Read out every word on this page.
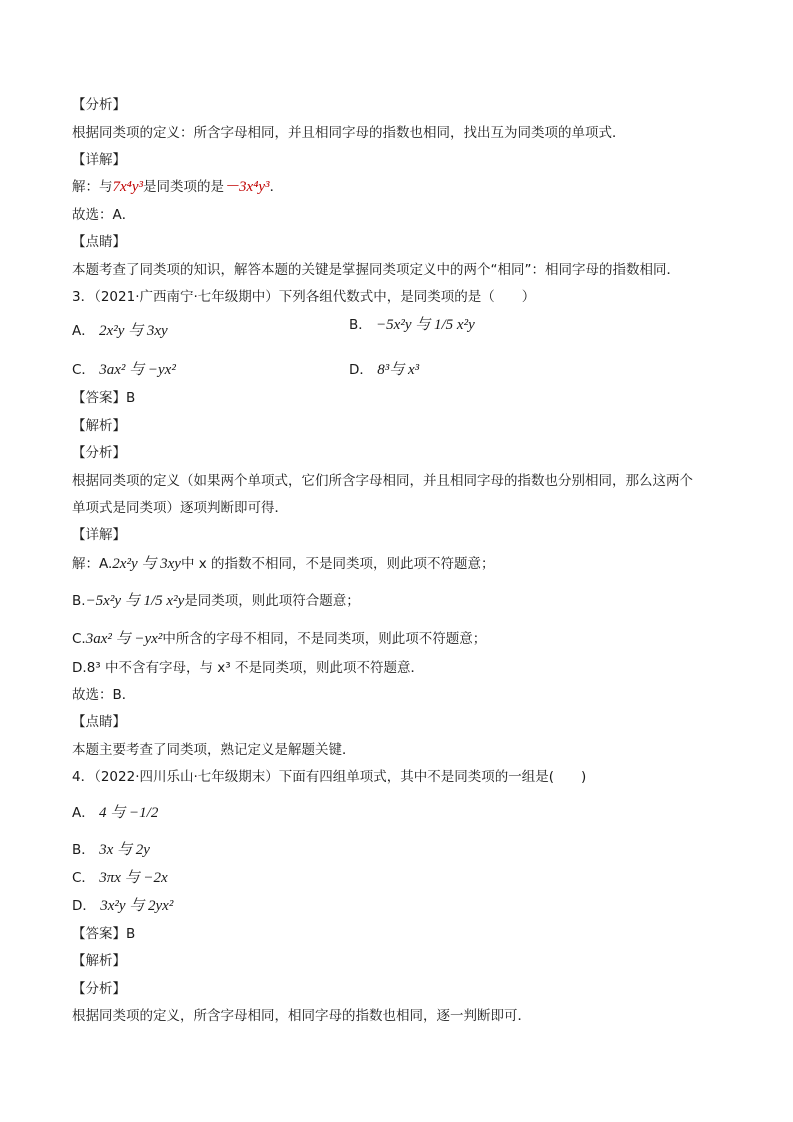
【分析】
根据同类项的定义：所含字母相同，并且相同字母的指数也相同，找出互为同类项的单项式．
【详解】
解：与7x⁴y³是同类项的是－3x⁴y³．
故选：A．
【点睛】
本题考查了同类项的知识，解答本题的关键是掌握同类项定义中的两个“相同”：相同字母的指数相同．
3．（2021·广西南宁·七年级期中）下列各组代数式中，是同类项的是（　　）
A． 2x²y 与 3xy	B． −5x²y 与 1/5 x²y
C． 3ax² 与 −yx²	D． 8³与 x³
【答案】B
【解析】
【分析】
根据同类项的定义（如果两个单项式，它们所含字母相同，并且相同字母的指数也分别相同，那么这两个
单项式是同类项）逐项判断即可得．
【详解】
解：A.2x²y 与 3xy中 x 的指数不相同，不是同类项，则此项不符题意；
B.−5x²y 与 1/5 x²y是同类项，则此项符合题意；
C.3ax² 与 −yx²中所含的字母不相同，不是同类项，则此项不符题意；
D.8³ 中不含有字母，与 x³ 不是同类项，则此项不符题意．
故选：B．
【点睛】
本题主要考查了同类项，熟记定义是解题关键．
4．（2022·四川乐山·七年级期末）下面有四组单项式，其中不是同类项的一组是(　　)
A． 4 与 −1/2
B． 3x 与 2y
C． 3πx 与 −2x
D． 3x²y 与 2yx²
【答案】B
【解析】
【分析】
根据同类项的定义，所含字母相同，相同字母的指数也相同，逐一判断即可．
